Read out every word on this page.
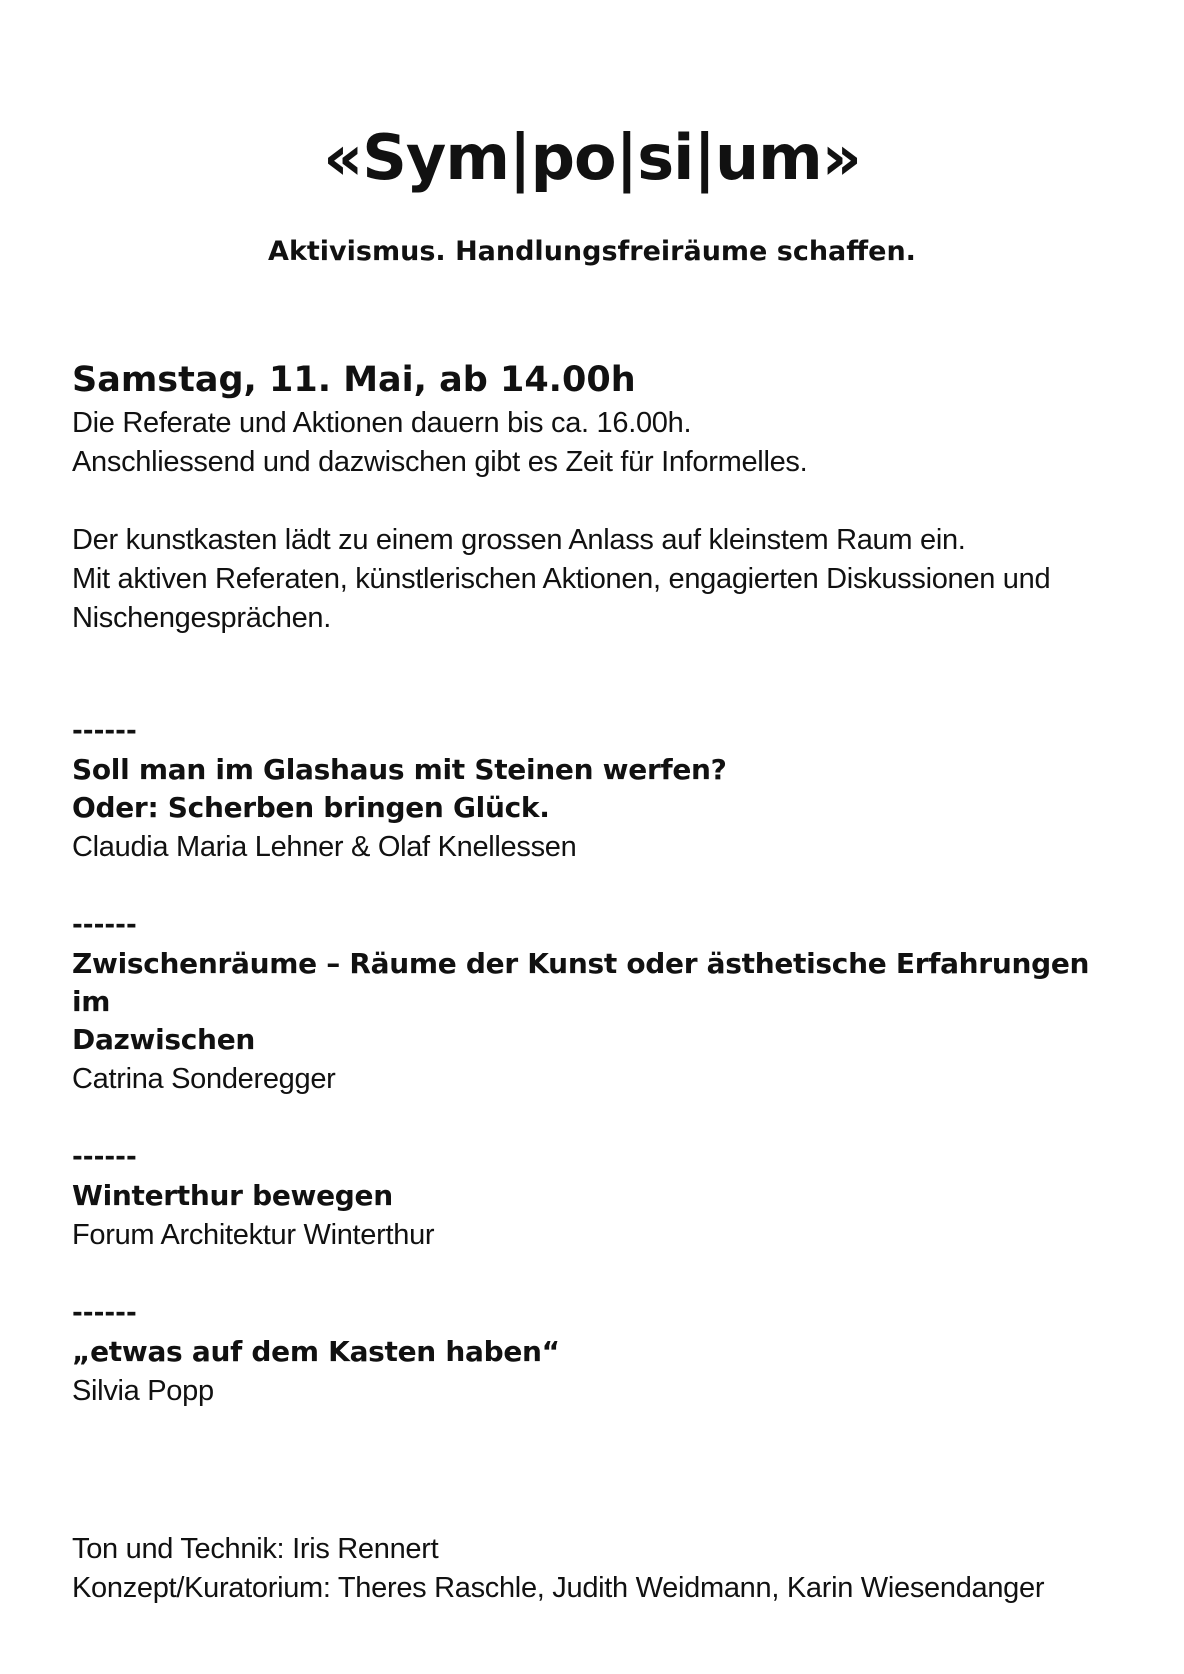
«Sym|po|si|um»

Aktivismus. Handlungsfreiräume schaffen.

Samstag, 11. Mai, ab 14.00h

Die Referate und Aktionen dauern bis ca. 16.00h.

Anschliessend und dazwischen gibt es Zeit für Informelles.

Der kunstkasten lädt zu einem grossen Anlass auf kleinstem Raum ein.

Mit aktiven Referaten, künstlerischen Aktionen, engagierten Diskussionen und

Nischengesprächen.

------

Soll man im Glashaus mit Steinen werfen?

Oder: Scherben bringen Glück.

Claudia Maria Lehner & Olaf Knellessen

------

Zwischenräume – Räume der Kunst oder ästhetische Erfahrungen im

Dazwischen

Catrina Sonderegger

------

Winterthur bewegen

Forum Architektur Winterthur

------

„etwas auf dem Kasten haben“

Silvia Popp

Ton und Technik: Iris Rennert

Konzept/Kuratorium: Theres Raschle, Judith Weidmann, Karin Wiesendanger
